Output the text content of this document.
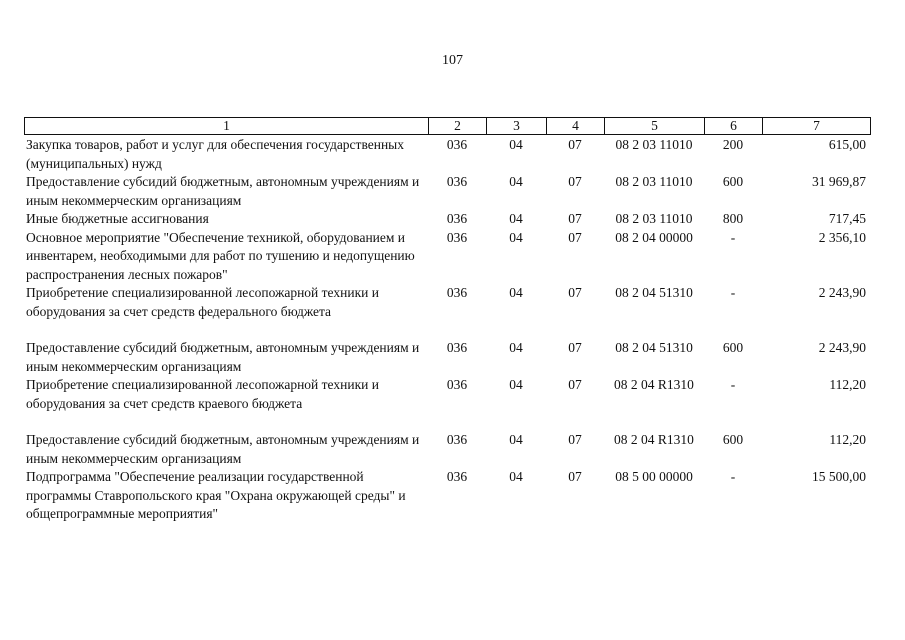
107
1	2	3	4	5	6	7
Закупка товаров, работ и услуг для обеспечения государственных (муниципальных) нужд	036	04	07	08 2 03 11010	200	615,00
Предоставление субсидий бюджетным, автономным учреждениям и иным некоммерческим организациям	036	04	07	08 2 03 11010	600	31 969,87
Иные бюджетные ассигнования	036	04	07	08 2 03 11010	800	717,45
Основное мероприятие "Обеспечение техникой, оборудованием и инвентарем, необходимыми для работ по тушению и недопущению распространения лесных пожаров"	036	04	07	08 2 04 00000	-	2 356,10
Приобретение специализированной лесопожарной техники и оборудования за счет средств федерального бюджета	036	04	07	08 2 04 51310	-	2 243,90

Предоставление субсидий бюджетным, автономным учреждениям и иным некоммерческим организациям	036	04	07	08 2 04 51310	600	2 243,90
Приобретение специализированной лесопожарной техники и оборудования за счет средств краевого бюджета	036	04	07	08 2 04 R1310	-	112,20

Предоставление субсидий бюджетным, автономным учреждениям и иным некоммерческим организациям	036	04	07	08 2 04 R1310	600	112,20
Подпрограмма "Обеспечение реализации государственной программы Ставропольского края "Охрана окружающей среды" и общепрограммные мероприятия"	036	04	07	08 5 00 00000	-	15 500,00
